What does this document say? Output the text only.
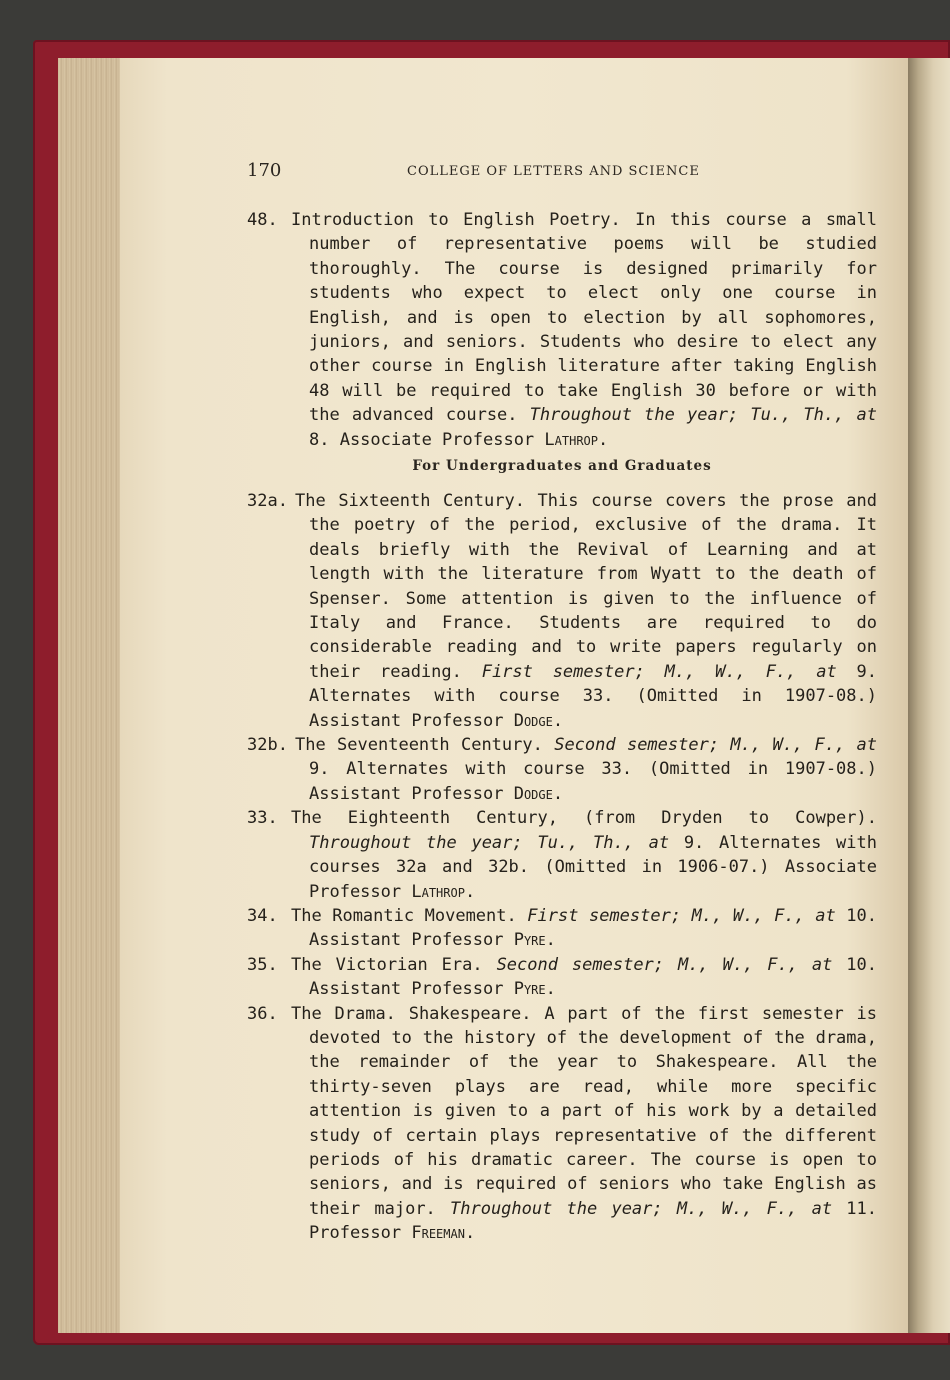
170	COLLEGE OF LETTERS AND SCIENCE
48. Introduction to English Poetry. In this course a small number of representative poems will be studied thoroughly. The course is designed primarily for students who expect to elect only one course in English, and is open to election by all sophomores, juniors, and seniors. Students who desire to elect any other course in English literature after taking English 48 will be required to take English 30 before or with the advanced course. Throughout the year; Tu., Th., at 8. Associate Professor Lathrop.
For Undergraduates and Graduates
32a. The Sixteenth Century. This course covers the prose and the poetry of the period, exclusive of the drama. It deals briefly with the Revival of Learning and at length with the literature from Wyatt to the death of Spenser. Some attention is given to the influence of Italy and France. Students are required to do considerable reading and to write papers regularly on their reading. First semester; M., W., F., at 9. Alternates with course 33. (Omitted in 1907-08.) Assistant Professor Dodge.
32b. The Seventeenth Century. Second semester; M., W., F., at 9. Alternates with course 33. (Omitted in 1907-08.) Assistant Professor Dodge.
33. The Eighteenth Century, (from Dryden to Cowper). Throughout the year; Tu., Th., at 9. Alternates with courses 32a and 32b. (Omitted in 1906-07.) Associate Professor Lathrop.
34. The Romantic Movement. First semester; M., W., F., at 10. Assistant Professor Pyre.
35. The Victorian Era. Second semester; M., W., F., at 10. Assistant Professor Pyre.
36. The Drama. Shakespeare. A part of the first semester is devoted to the history of the development of the drama, the remainder of the year to Shakespeare. All the thirty-seven plays are read, while more specific attention is given to a part of his work by a detailed study of certain plays representative of the different periods of his dramatic career. The course is open to seniors, and is required of seniors who take English as their major. Throughout the year; M., W., F., at 11. Professor Freeman.
